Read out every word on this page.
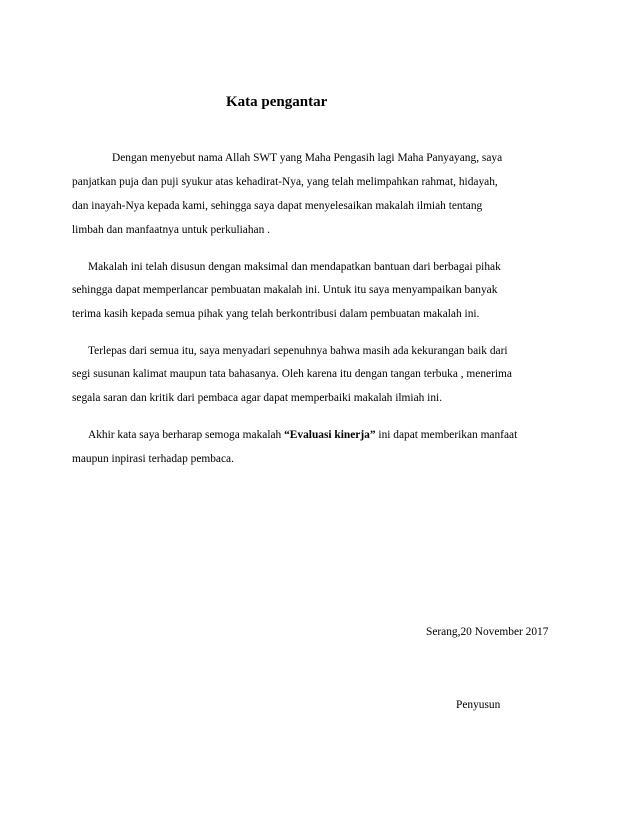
Kata pengantar
Dengan menyebut nama Allah SWT yang Maha Pengasih lagi Maha Panyayang, saya
panjatkan puja dan puji syukur atas kehadirat-Nya, yang telah melimpahkan rahmat, hidayah,
dan inayah-Nya kepada kami, sehingga saya dapat menyelesaikan makalah ilmiah tentang
limbah dan manfaatnya untuk perkuliahan .
Makalah ini telah disusun dengan maksimal dan mendapatkan bantuan dari berbagai pihak
sehingga dapat memperlancar pembuatan makalah ini. Untuk itu saya menyampaikan banyak
terima kasih kepada semua pihak yang telah berkontribusi dalam pembuatan makalah ini.
Terlepas dari semua itu, saya menyadari sepenuhnya bahwa masih ada kekurangan baik dari
segi susunan kalimat maupun tata bahasanya. Oleh karena itu dengan tangan terbuka , menerima
segala saran dan kritik dari pembaca agar dapat memperbaiki makalah ilmiah ini.
Akhir kata saya berharap semoga makalah “Evaluasi kinerja” ini dapat memberikan manfaat
maupun inpirasi terhadap pembaca.
Serang,20 November 2017
Penyusun
